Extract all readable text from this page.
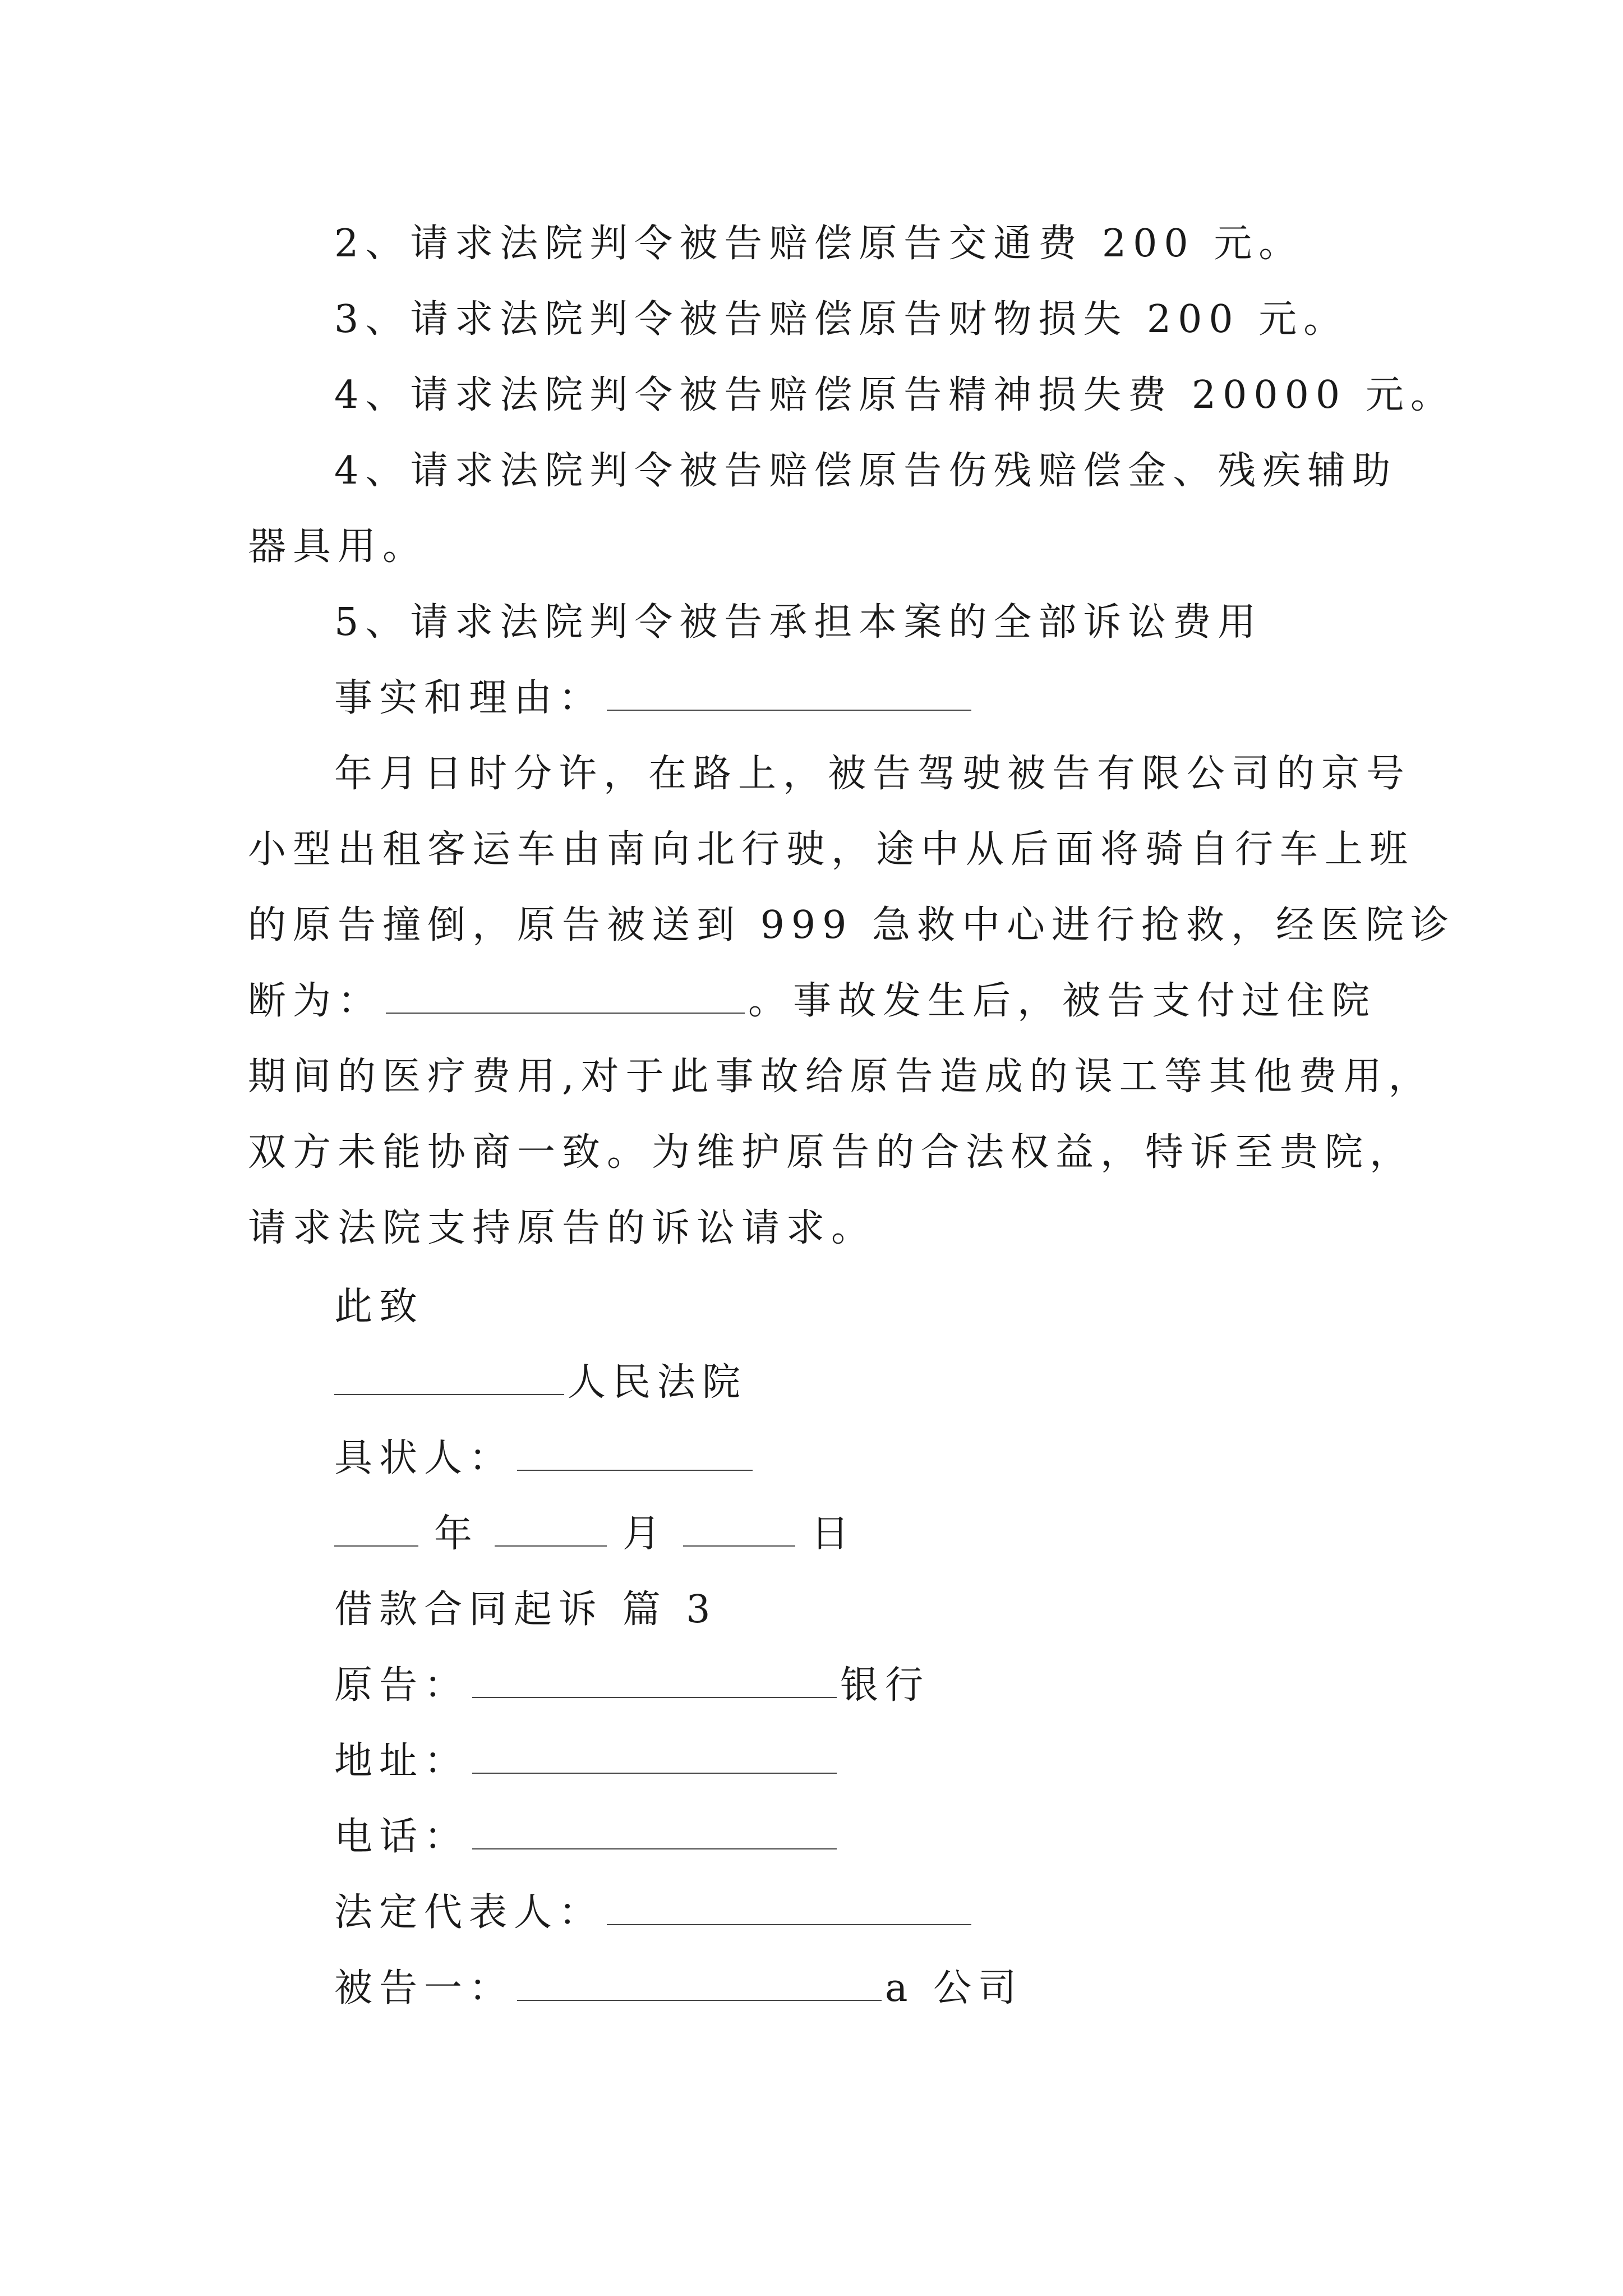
2、请求法院判令被告赔偿原告交通费 200 元。
3、请求法院判令被告赔偿原告财物损失 200 元。
4、请求法院判令被告赔偿原告精神损失费 20000 元。
4、请求法院判令被告赔偿原告伤残赔偿金、残疾辅助
器具用。
5、请求法院判令被告承担本案的全部诉讼费用
事实和理由：
年月日时分许，在路上，被告驾驶被告有限公司的京号
小型出租客运车由南向北行驶，途中从后面将骑自行车上班
的原告撞倒，原告被送到 999 急救中心进行抢救，经医院诊
断为：	。事故发生后，被告支付过住院
期间的医疗费用,对于此事故给原告造成的误工等其他费用，
双方未能协商一致。为维护原告的合法权益，特诉至贵院，
请求法院支持原告的诉讼请求。
此致
人民法院
具状人：
年	月	日
借款合同起诉 篇 3
原告：	银行
地址：
电话：
法定代表人：
被告一：	a 公司
